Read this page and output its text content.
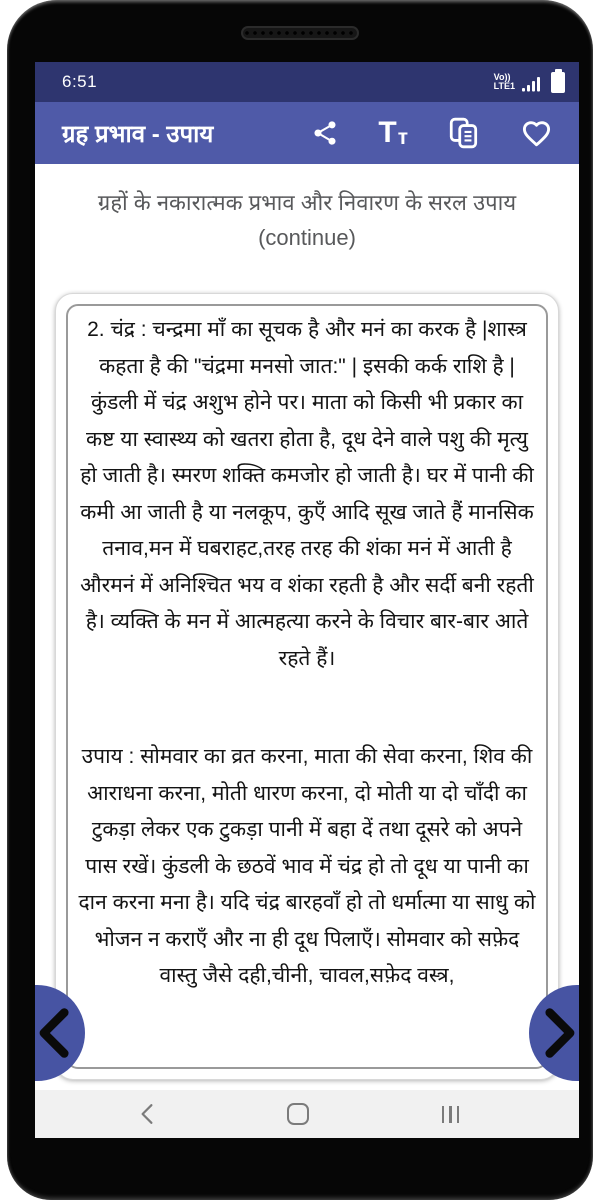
6:51	Vo))
LTE1
ग्रह प्रभाव - उपाय	T т
ग्रहों के नकारात्मक प्रभाव और निवारण के सरल उपाय (continue)

2. चंद्र : चन्द्रमा माँ का सूचक है और मनं का करक है |शास्त्र कहता है की "चंद्रमा मनसो जात:" | इसकी कर्क राशि है | कुंडली में चंद्र अशुभ होने पर। माता को किसी भी प्रकार का कष्ट या स्वास्थ्य को खतरा होता है, दूध देने वाले पशु की मृत्यु हो जाती है। स्मरण शक्ति कमजोर हो जाती है। घर में पानी की कमी आ जाती है या नलकूप, कुएँ आदि सूख जाते हैं मानसिक तनाव,मन में घबराहट,तरह तरह की शंका मनं में आती है औरमनं में अनिश्चित भय व शंका रहती है और सर्दी बनी रहती है। व्यक्ति के मन में आत्महत्या करने के विचार बार-बार आते रहते हैं।

उपाय : सोमवार का व्रत करना, माता की सेवा करना, शिव की आराधना करना, मोती धारण करना, दो मोती या दो चाँदी का टुकड़ा लेकर एक टुकड़ा पानी में बहा दें तथा दूसरे को अपने पास रखें। कुंडली के छठवें भाव में चंद्र हो तो दूध या पानी का दान करना मना है। यदि चंद्र बारहवाँ हो तो धर्मात्मा या साधु को भोजन न कराएँ और ना ही दूध पिलाएँ। सोमवार को सफ़ेद वास्तु जैसे दही,चीनी, चावल,सफ़ेद वस्त्र,
